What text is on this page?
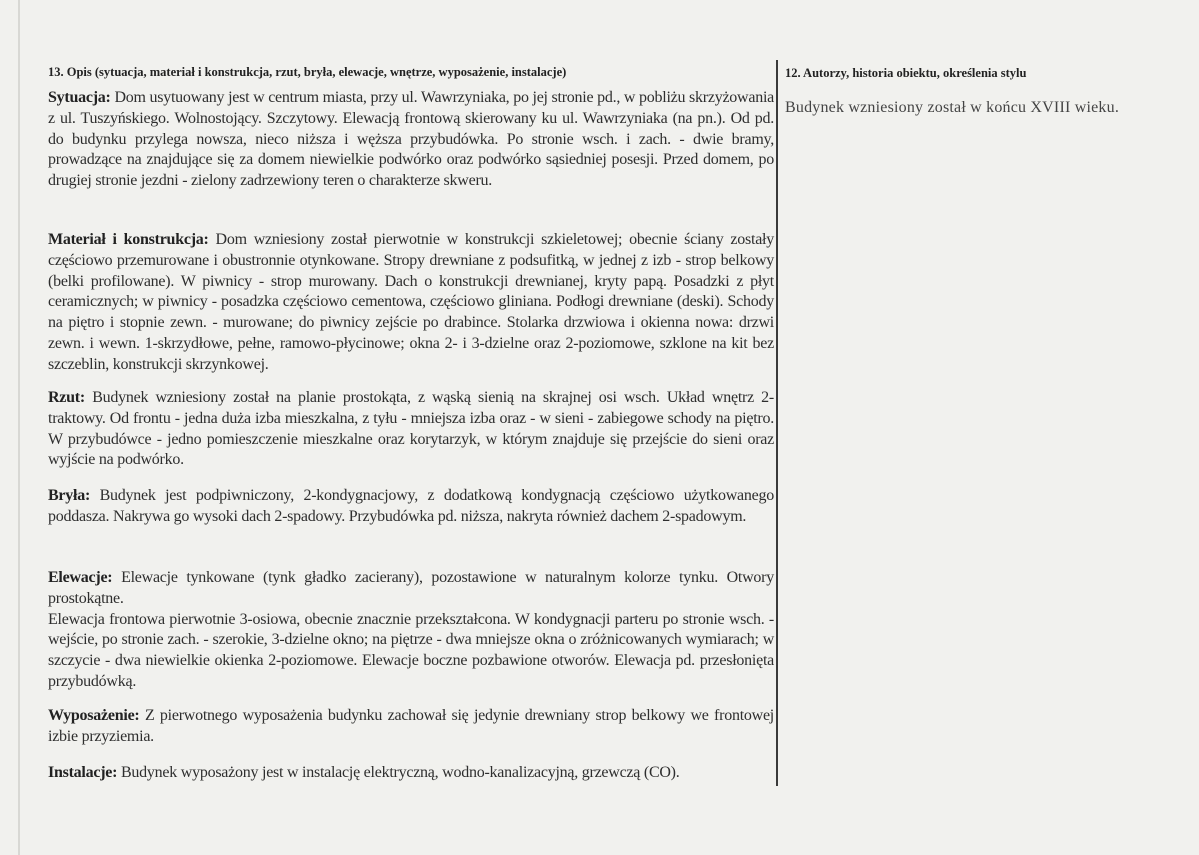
13. Opis (sytuacja, materiał i konstrukcja, rzut, bryła, elewacje, wnętrze, wyposażenie, instalacje)
Sytuacja: Dom usytuowany jest w centrum miasta, przy ul. Wawrzyniaka, po jej stronie pd., w pobliżu skrzyżowania z ul. Tuszyńskiego. Wolnostojący. Szczytowy. Elewacją frontową skierowany ku ul. Wawrzyniaka (na pn.). Od pd. do budynku przylega nowsza, nieco niższa i węższa przybudówka. Po stronie wsch. i zach. - dwie bramy, prowadzące na znajdujące się za domem niewielkie podwórko oraz podwórko sąsiedniej posesji. Przed domem, po drugiej stronie jezdni - zielony zadrzewiony teren o charakterze skweru.
Materiał i konstrukcja: Dom wzniesiony został pierwotnie w konstrukcji szkieletowej; obecnie ściany zostały częściowo przemurowane i obustronnie otynkowane. Stropy drewniane z podsufitką, w jednej z izb - strop belkowy (belki profilowane). W piwnicy - strop murowany. Dach o konstrukcji drewnianej, kryty papą. Posadzki z płyt ceramicznych; w piwnicy - posadzka częściowo cementowa, częściowo gliniana. Podłogi drewniane (deski). Schody na piętro i stopnie zewn. - murowane; do piwnicy zejście po drabince. Stolarka drzwiowa i okienna nowa: drzwi zewn. i wewn. 1-skrzydłowe, pełne, ramowo-płycinowe; okna 2- i 3-dzielne oraz 2-poziomowe, szklone na kit bez szczeblin, konstrukcji skrzynkowej.
Rzut: Budynek wzniesiony został na planie prostokąta, z wąską sienią na skrajnej osi wsch. Układ wnętrz 2-traktowy. Od frontu - jedna duża izba mieszkalna, z tyłu - mniejsza izba oraz - w sieni - zabiegowe schody na piętro. W przybudówce - jedno pomieszczenie mieszkalne oraz korytarzyk, w którym znajduje się przejście do sieni oraz wyjście na podwórko.
Bryła: Budynek jest podpiwniczony, 2-kondygnacjowy, z dodatkową kondygnacją częściowo użytkowanego poddasza. Nakrywa go wysoki dach 2-spadowy. Przybudówka pd. niższa, nakryta również dachem 2-spadowym.
Elewacje: Elewacje tynkowane (tynk gładko zacierany), pozostawione w naturalnym kolorze tynku. Otwory prostokątne.
Elewacja frontowa pierwotnie 3-osiowa, obecnie znacznie przekształcona. W kondygnacji parteru po stronie wsch. - wejście, po stronie zach. - szerokie, 3-dzielne okno; na piętrze - dwa mniejsze okna o zróżnicowanych wymiarach; w szczycie - dwa niewielkie okienka 2-poziomowe. Elewacje boczne pozbawione otworów. Elewacja pd. przesłonięta przybudówką.
Wyposażenie: Z pierwotnego wyposażenia budynku zachował się jedynie drewniany strop belkowy we frontowej izbie przyziemia.
Instalacje: Budynek wyposażony jest w instalację elektryczną, wodno-kanalizacyjną, grzewczą (CO).
12. Autorzy, historia obiektu, określenia stylu
Budynek wzniesiony został w końcu XVIII wieku.
